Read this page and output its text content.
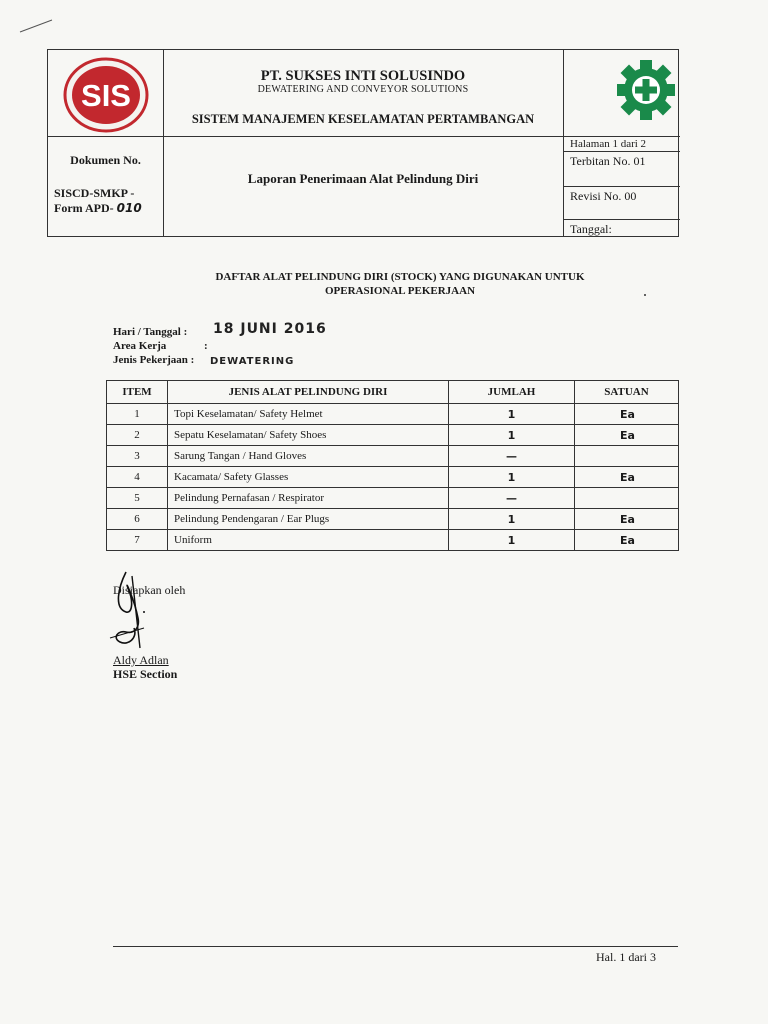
SIS
PT. SUKSES INTI SOLUSINDO
DEWATERING AND CONVEYOR SOLUTIONS
SISTEM MANAJEMEN KESELAMATAN PERTAMBANGAN
Dokumen No.
SISCD-SMKP -
Form APD- 010
Laporan Penerimaan Alat Pelindung Diri
Halaman 1 dari 2
Terbitan No. 01
Revisi No. 00
Tanggal:
DAFTAR ALAT PELINDUNG DIRI (STOCK) YANG DIGUNAKAN UNTUK
OPERASIONAL PEKERJAAN
Hari / Tanggal : 18 JUNI 2016
Area Kerja	:
Jenis Pekerjaan : DEWATERING
ITEM	JENIS ALAT PELINDUNG DIRI	JUMLAH	SATUAN
1	Topi Keselamatan/ Safety Helmet	1	Ea
2	Sepatu Keselamatan/ Safety Shoes	1	Ea
3	Sarung Tangan / Hand Gloves	—	
4	Kacamata/ Safety Glasses	1	Ea
5	Pelindung Pernafasan / Respirator	—	
6	Pelindung Pendengaran / Ear Plugs	1	Ea
7	Uniform	1	Ea
Disiapkan oleh
Aldy Adlan
HSE Section
Hal. 1 dari 3
